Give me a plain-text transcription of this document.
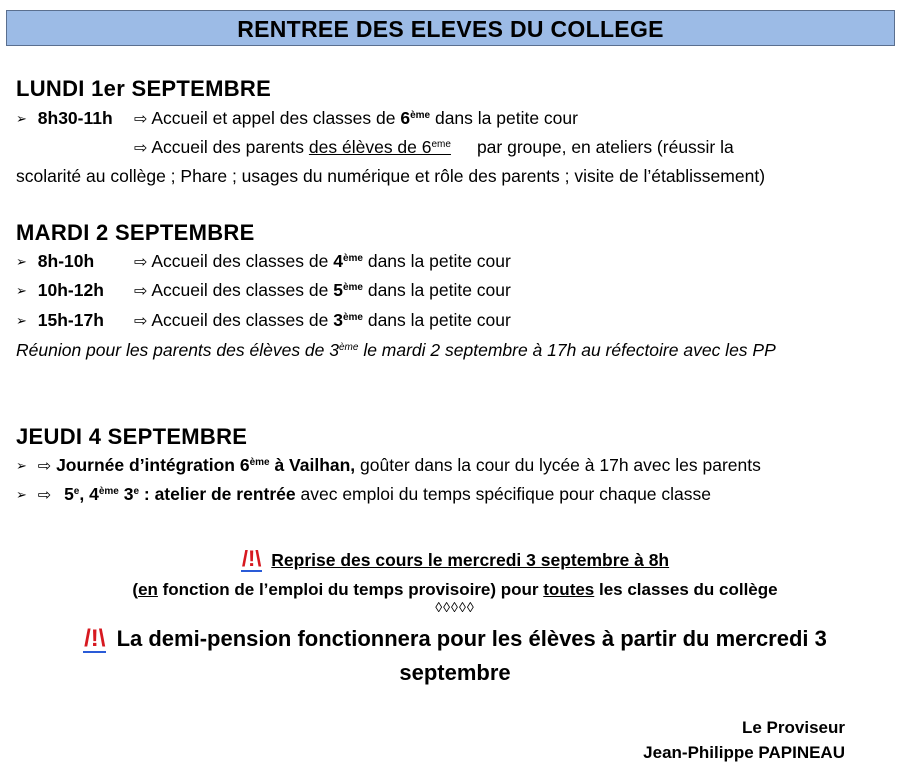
RENTREE DES ELEVES DU COLLEGE
LUNDI 1er SEPTEMBRE
➢ 8h30-11h ⇨ Accueil et appel des classes de 6ème dans la petite cour
⇨ Accueil des parents des élèves de 6eme par groupe, en ateliers (réussir la
scolarité au collège ; Phare ; usages du numérique et rôle des parents ; visite de l’établissement)
MARDI 2 SEPTEMBRE
➢ 8h-10h ⇨ Accueil des classes de 4ème dans la petite cour
➢ 10h-12h ⇨ Accueil des classes de 5ème dans la petite cour
➢ 15h-17h ⇨ Accueil des classes de 3ème dans la petite cour
Réunion pour les parents des élèves de 3ème le mardi 2 septembre à 17h au réfectoire avec les PP
JEUDI 4 SEPTEMBRE
➢ ⇨ Journée d’intégration 6ème à Vailhan, goûter dans la cour du lycée à 17h avec les parents
➢ ⇨ 5e, 4ème 3e : atelier de rentrée avec emploi du temps spécifique pour chaque classe
/!\ Reprise des cours le mercredi 3 septembre à 8h
(en fonction de l’emploi du temps provisoire) pour toutes les classes du collège
◊◊◊◊◊
/!\ La demi-pension fonctionnera pour les élèves à partir du mercredi 3
septembre
Le Proviseur
Jean-Philippe PAPINEAU
